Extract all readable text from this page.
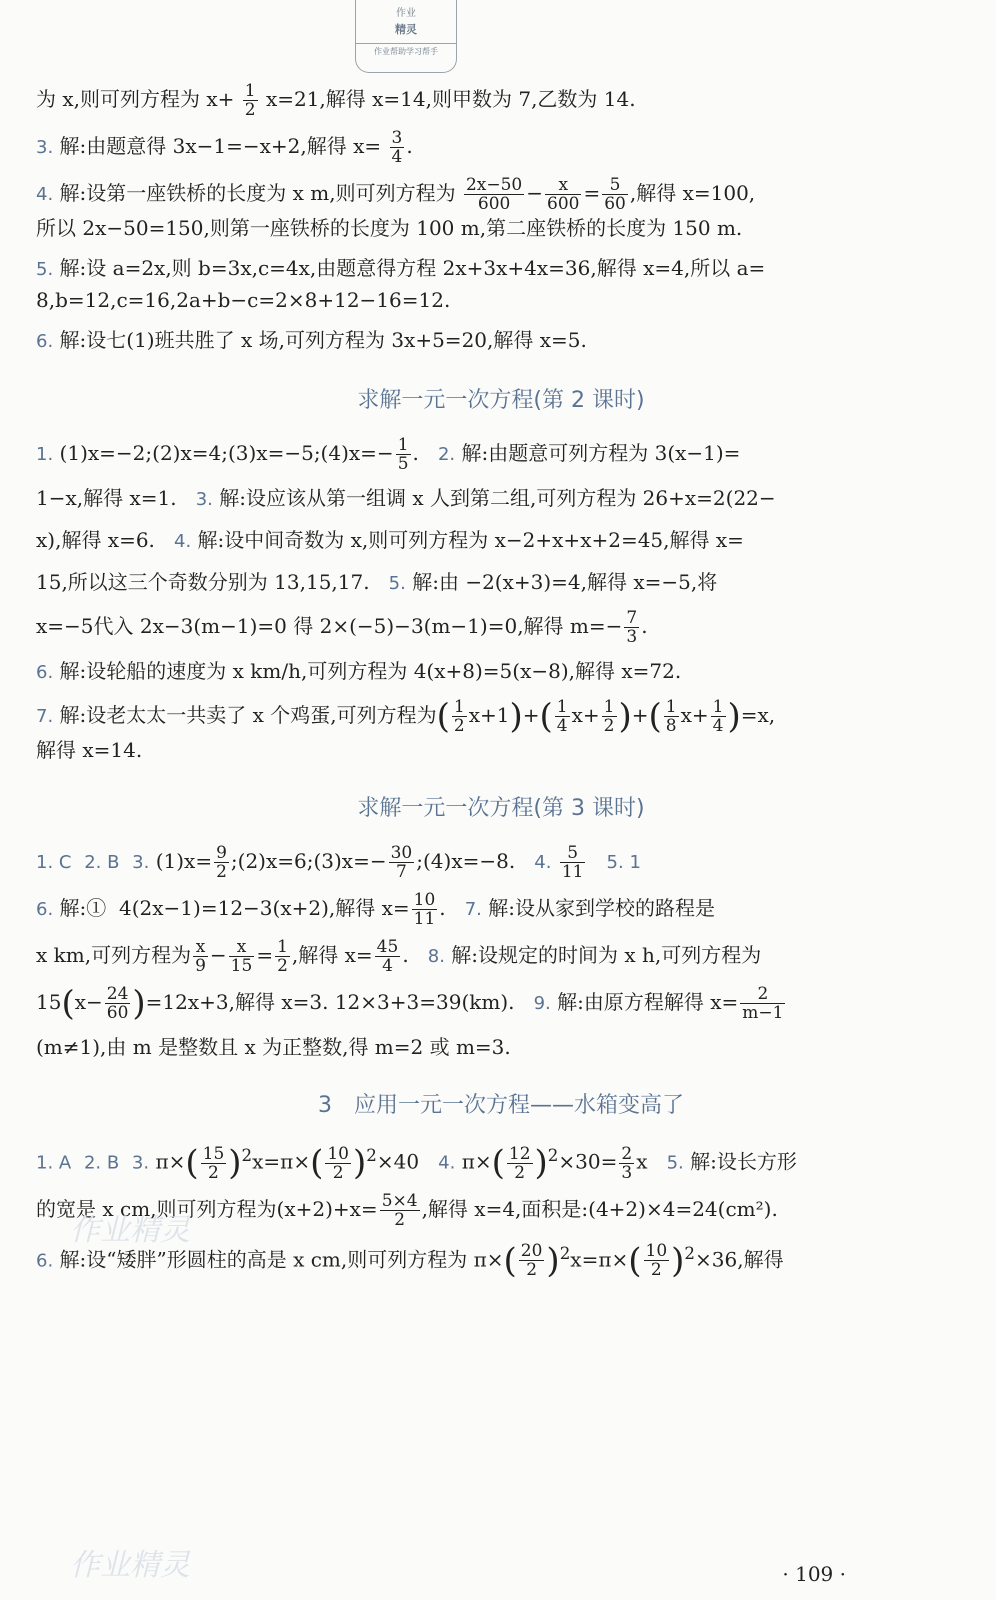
作业
精灵
作业帮助学习帮手
为 x,则可列方程为 $x+ \frac{1}{2} x=21$,解得 x=14,则甲数为 7,乙数为 14.
3. 解:由题意得 3x−1=−x+2,解得 $x= \frac{3}{4}$ .
4. 解:设第一座铁桥的长度为 x m,则可列方程为 $\frac{2x-50}{600} - \frac{x}{600} = \frac{5}{60}$ ,解得 x=100,
所以 2x−50=150,则第一座铁桥的长度为 100 m,第二座铁桥的长度为 150 m.
5. 解:设 a=2x,则 b=3x,c=4x,由题意得方程 2x+3x+4x=36,解得 x=4,所以 a=
8,b=12,c=16,2a+b−c=2×8+12−16=12.
6. 解:设七(1)班共胜了 x 场,可列方程为 3x+5=20,解得 x=5.
求解一元一次方程(第 2 课时)
1. (1)x=−2;(2)x=4;(3)x=−5;(4)x=− $\frac{1}{5}$ . 2. 解:由题意可列方程为 3(x−1)=
1−x,解得 x=1. 3. 解:设应该从第一组调 x 人到第二组,可列方程为 26+x=2(22−
x),解得 x=6. 4. 解:设中间奇数为 x,则可列方程为 x−2+x+x+2=45,解得 x=
15,所以这三个奇数分别为 13,15,17. 5. 解:由 −2(x+3)=4,解得 x=−5,将
x=−5代入 2x−3(m−1)=0 得 2×(−5)−3(m−1)=0,解得 $m=- \frac{7}{3}$ .
6. 解:设轮船的速度为 x km/h,可列方程为 4(x+8)=5(x−8),解得 x=72.
7. 解:设老太太一共卖了 x 个鸡蛋,可列方程为( $\frac{1}{2} x+1)+( \frac{1}{4} x+ \frac{1}{2}$ )+( $\frac{1}{8} x+ \frac{1}{4} )=x$,
解得 x=14.
求解一元一次方程(第 3 课时)
1. C 2. B 3. $(1)x= \frac{9}{2}$ ;(2)x=6;(3)x=− $\frac{30}{7}$ ;(4)x=−8. 4. $\frac{5}{11} 5$. 1
6. 解:① 4(2x−1)=12−3(x+2),解得 $x= \frac{10}{11}$ . 7. 解:设从家到学校的路程是
x km,可列方程为 $\frac{x}{9} - \frac{x}{15} = \frac{1}{2}$ ,解得 $x= \frac{45}{4}$ . 8. 解:设规定的时间为 x h,可列方程为
$15(x- \frac{24}{60} )=12x+3$,解得 x=3. 12×3+3=39(km). 9. 解:由原方程解得 $x= \frac{2}{m-1}$
(m≠1),由 m 是整数且 x 为正整数,得 m=2 或 m=3.
3　应用一元一次方程——水箱变高了
1. A 2. B 3. $\pi\times( \frac{15}{2} )^2x=\pi\times( \frac{10}{2} )^2\times 40$ 4. $\pi\times( \frac{12}{2} )^2\times 30= \frac{2}{3}$ x 5. 解:设长方形
的宽是 x cm,则可列方程为$(x+2)+x= \frac{5\times 4}{2}$ ,解得 x=4,面积是:(4+2)×4=24(cm²).
6. 解:设“矮胖”形圆柱的高是 x cm,则可列方程为 $\pi\times( \frac{20}{2} )^2x=\pi\times( \frac{10}{2} )^2\times 36$,解得
作业精灵
作业精灵	· 109 ·
